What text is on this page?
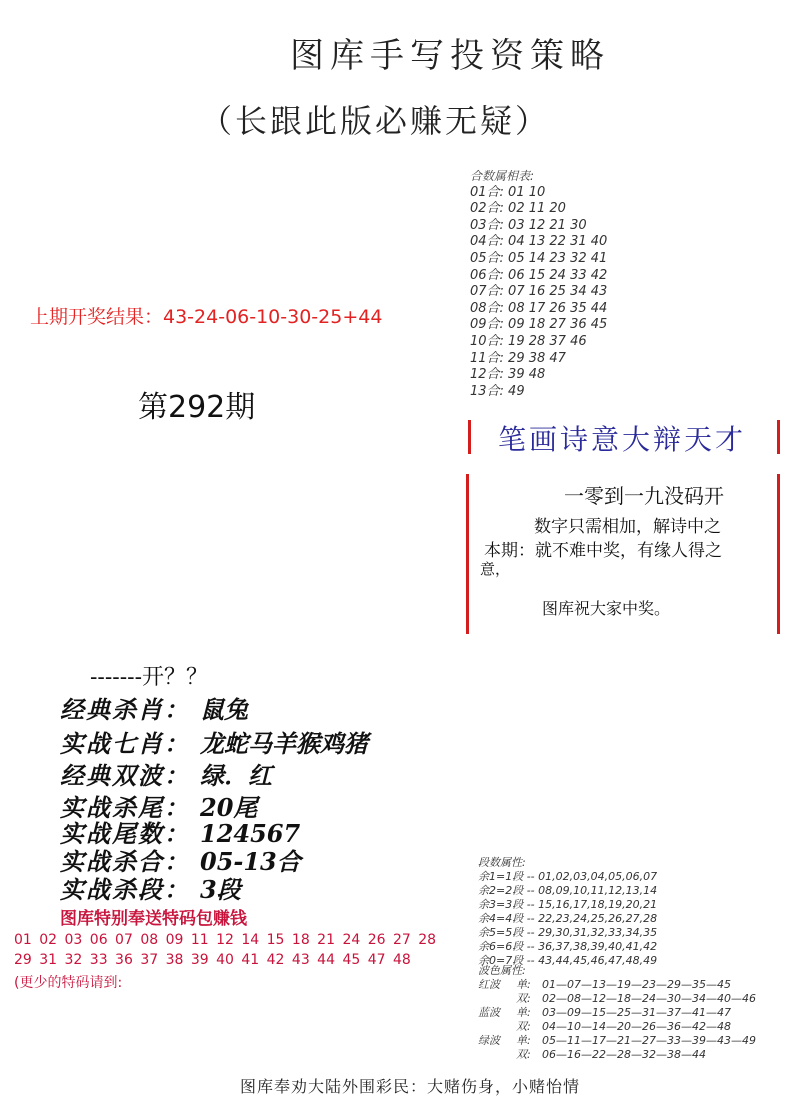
图库手写投资策略
（长跟此版必赚无疑）
上期开奖结果：43-24-06-10-30-25+44
第292期
合数属相表:
01合: 01 10
02合: 02 11 20
03合: 03 12 21 30
04合: 04 13 22 31 40
05合: 05 14 23 32 41
06合: 06 15 24 33 42
07合: 07 16 25 34 43
08合: 08 17 26 35 44
09合: 09 18 27 36 45
10合: 19 28 37 46
11合: 29 38 47
12合: 39 48
13合: 49
笔画诗意大辩天才
一零到一九没码开
数字只需相加，解诗中之
本期：就不难中奖，有缘人得之
意，
图库祝大家中奖。
-------开？？
经典杀肖： 鼠兔
实战七肖： 龙蛇马羊猴鸡猪
经典双波： 绿．红
实战杀尾： 20尾
实战尾数： 124567
实战杀合： 05-13合
实战杀段： 3段
图库特别奉送特码包赚钱
01 02 03 06 07 08 09 11 12 14 15 18 21 24 26 27 28
29 31 32 33 36 37 38 39 40 41 42 43 44 45 47 48
(更少的特码请到:
段数属性:
余1=1段 -- 01,02,03,04,05,06,07
余2=2段 -- 08,09,10,11,12,13,14
余3=3段 -- 15,16,17,18,19,20,21
余4=4段 -- 22,23,24,25,26,27,28
余5=5段 -- 29,30,31,32,33,34,35
余6=6段 -- 36,37,38,39,40,41,42
余0=7段 -- 43,44,45,46,47,48,49
波色属性:
红波 单: 01—07—13—19—23—29—35—45
双: 02—08—12—18—24—30—34—40—46
蓝波 单: 03—09—15—25—31—37—41—47
双: 04—10—14—20—26—36—42—48
绿波 单: 05—11—17—21—27—33—39—43—49
双: 06—16—22—28—32—38—44
图库奉劝大陆外围彩民：大赌伤身，小赌怡情
